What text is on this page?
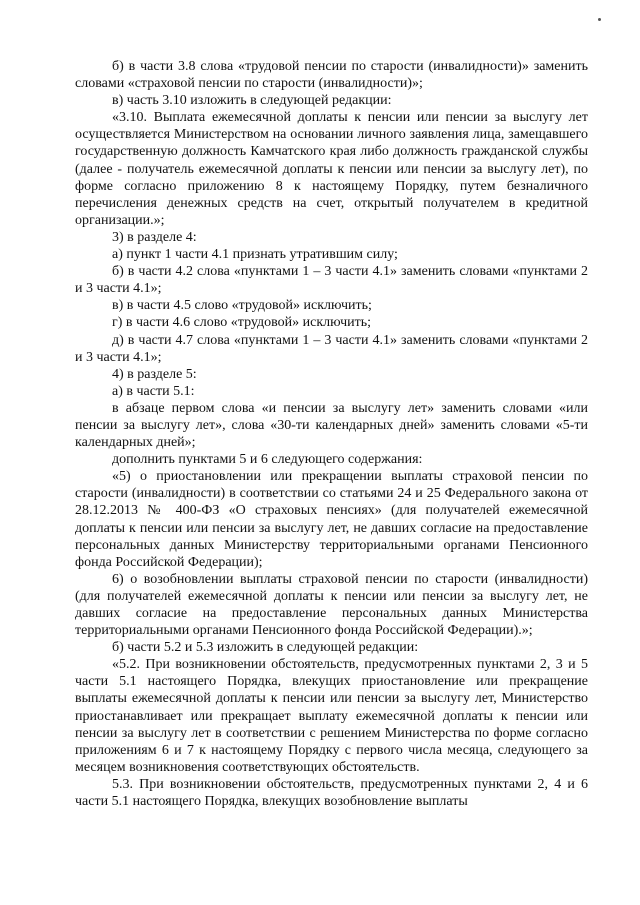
б) в части 3.8 слова «трудовой пенсии по старости (инвалидности)» заменить словами «страховой пенсии по старости (инвалидности)»;

в) часть 3.10 изложить в следующей редакции:

«3.10. Выплата ежемесячной доплаты к пенсии или пенсии за выслугу лет осуществляется Министерством на основании личного заявления лица, замещавшего государственную должность Камчатского края либо должность гражданской службы (далее - получатель ежемесячной доплаты к пенсии или пенсии за выслугу лет), по форме согласно приложению 8 к настоящему Порядку, путем безналичного перечисления денежных средств на счет, открытый получателем в кредитной организации.»;

3) в разделе 4:

а) пункт 1 части 4.1 признать утратившим силу;

б) в части 4.2 слова «пунктами 1 – 3 части 4.1» заменить словами «пунктами 2 и 3 части 4.1»;

в) в части 4.5 слово «трудовой» исключить;

г) в части 4.6 слово «трудовой» исключить;

д) в части 4.7 слова «пунктами 1 – 3 части 4.1» заменить словами «пунктами 2 и 3 части 4.1»;

4) в разделе 5:

а) в части 5.1:

в абзаце первом слова «и пенсии за выслугу лет» заменить словами «или пенсии за выслугу лет», слова «30-ти календарных дней» заменить словами «5-ти календарных дней»;

дополнить пунктами 5 и 6 следующего содержания:

«5) о приостановлении или прекращении выплаты страховой пенсии по старости (инвалидности) в соответствии со статьями 24 и 25 Федерального закона от 28.12.2013 № 400-ФЗ «О страховых пенсиях» (для получателей ежемесячной доплаты к пенсии или пенсии за выслугу лет, не давших согласие на предоставление персональных данных Министерству территориальными органами Пенсионного фонда Российской Федерации);

6) о возобновлении выплаты страховой пенсии по старости (инвалидности) (для получателей ежемесячной доплаты к пенсии или пенсии за выслугу лет, не давших согласие на предоставление персональных данных Министерства территориальными органами Пенсионного фонда Российской Федерации).»;

б) части 5.2 и 5.3 изложить в следующей редакции:

«5.2. При возникновении обстоятельств, предусмотренных пунктами 2, 3 и 5 части 5.1 настоящего Порядка, влекущих приостановление или прекращение выплаты ежемесячной доплаты к пенсии или пенсии за выслугу лет, Министерство приостанавливает или прекращает выплату ежемесячной доплаты к пенсии или пенсии за выслугу лет в соответствии с решением Министерства по форме согласно приложениям 6 и 7 к настоящему Порядку с первого числа месяца, следующего за месяцем возникновения соответствующих обстоятельств.

5.3. При возникновении обстоятельств, предусмотренных пунктами 2, 4 и 6 части 5.1 настоящего Порядка, влекущих возобновление выплаты
